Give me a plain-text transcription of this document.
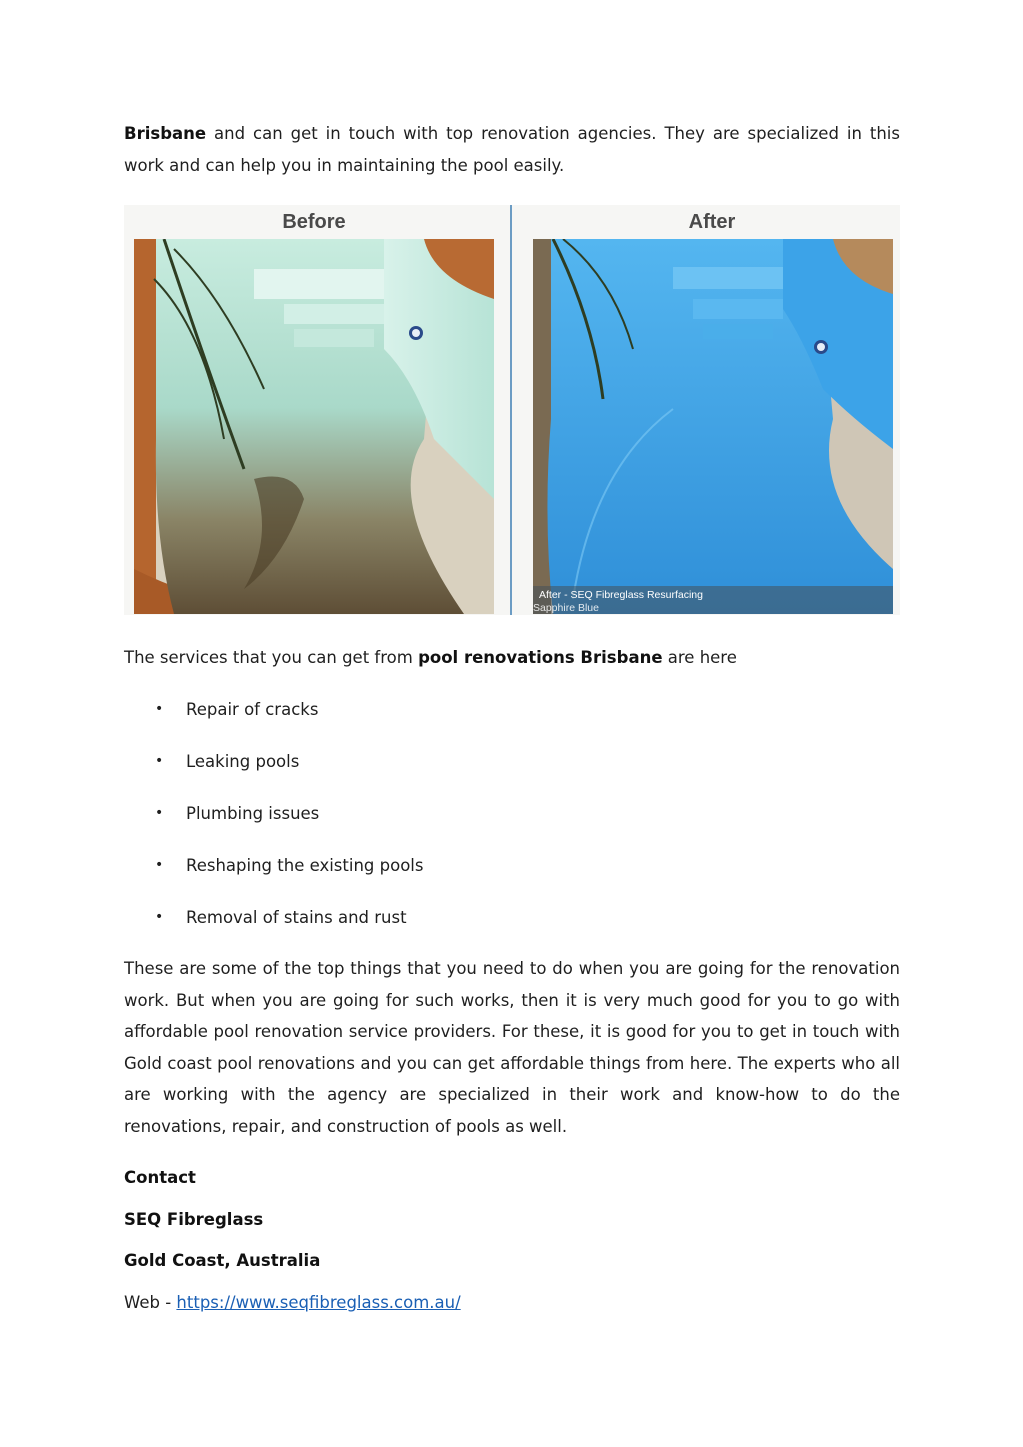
Brisbane and can get in touch with top renovation agencies. They are specialized in this work and can help you in maintaining the pool easily.

Before	After
After - SEQ Fibreglass Resurfacing
Sapphire Blue

The services that you can get from pool renovations Brisbane are here

• Repair of cracks
• Leaking pools
• Plumbing issues
• Reshaping the existing pools
• Removal of stains and rust

These are some of the top things that you need to do when you are going for the renovation work. But when you are going for such works, then it is very much good for you to go with affordable pool renovation service providers. For these, it is good for you to get in touch with Gold coast pool renovations and you can get affordable things from here. The experts who all are working with the agency are specialized in their work and know-how to do the renovations, repair, and construction of pools as well.

Contact

SEQ Fibreglass

Gold Coast, Australia

Web - https://www.seqfibreglass.com.au/
